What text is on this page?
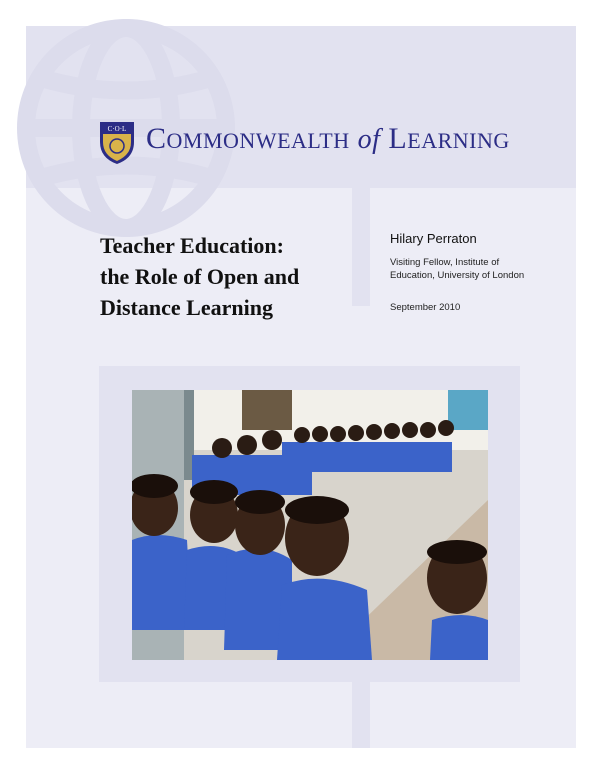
C·O·L COMMONWEALTH of LEARNING
Teacher Education:
the Role of Open and
Distance Learning
Hilary Perraton
Visiting Fellow, Institute of
Education, University of London
September 2010
